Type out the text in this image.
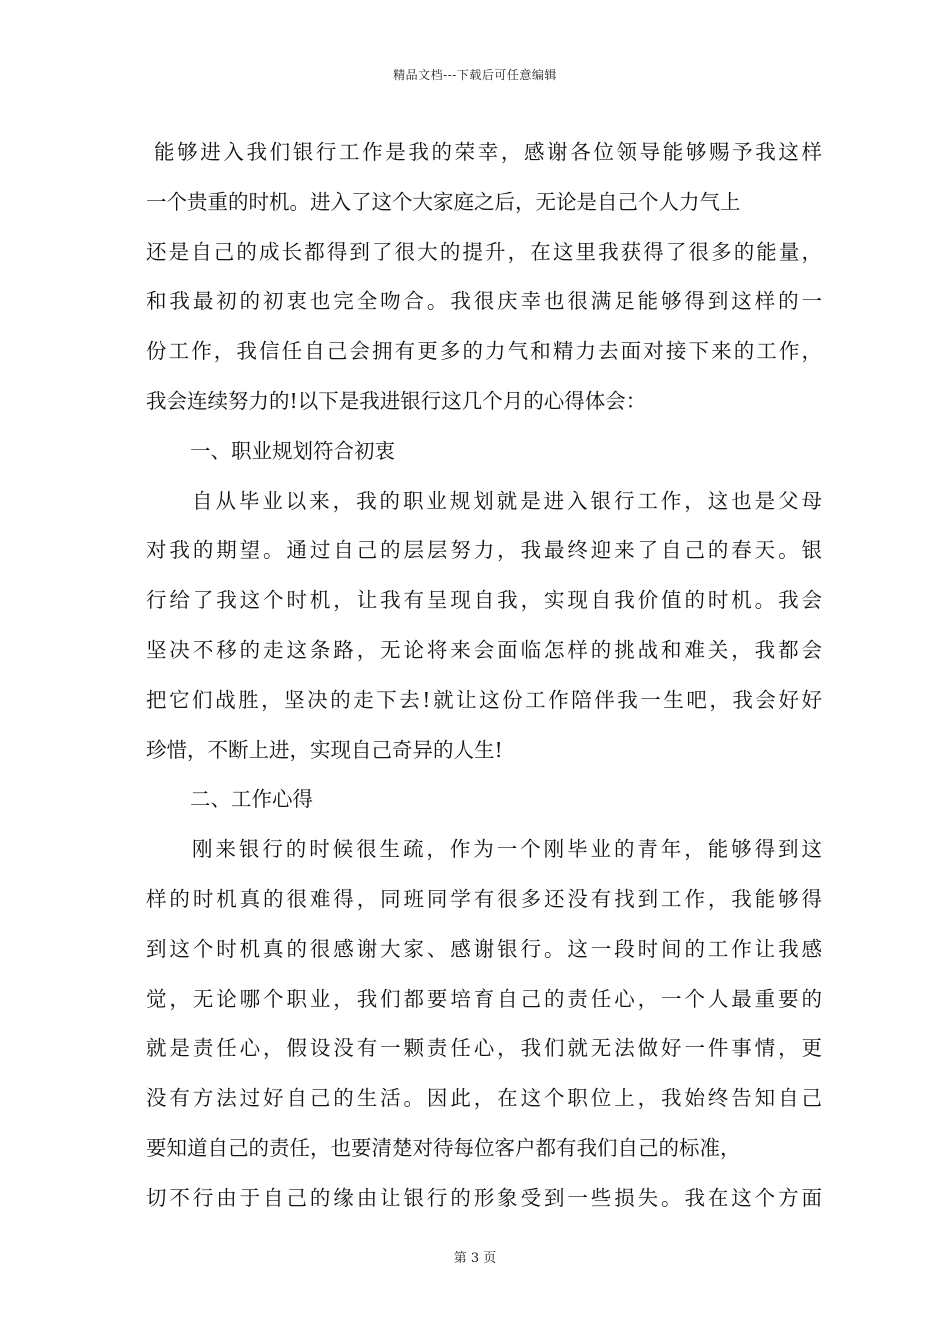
精品文档---下载后可任意编辑
能够进入我们银行工作是我的荣幸，感谢各位领导能够赐予我这样
一个贵重的时机。进入了这个大家庭之后，无论是自己个人力气上
还是自己的成长都得到了很大的提升，在这里我获得了很多的能量，
和我最初的初衷也完全吻合。我很庆幸也很满足能够得到这样的一
份工作，我信任自己会拥有更多的力气和精力去面对接下来的工作，
我会连续努力的!以下是我进银行这几个月的心得体会：
一、职业规划符合初衷
自从毕业以来，我的职业规划就是进入银行工作，这也是父母
对我的期望。通过自己的层层努力，我最终迎来了自己的春天。银
行给了我这个时机，让我有呈现自我，实现自我价值的时机。我会
坚决不移的走这条路，无论将来会面临怎样的挑战和难关，我都会
把它们战胜，坚决的走下去!就让这份工作陪伴我一生吧，我会好好
珍惜，不断上进，实现自己奇异的人生!
二、工作心得
刚来银行的时候很生疏，作为一个刚毕业的青年，能够得到这
样的时机真的很难得，同班同学有很多还没有找到工作，我能够得
到这个时机真的很感谢大家、感谢银行。这一段时间的工作让我感
觉，无论哪个职业，我们都要培育自己的责任心，一个人最重要的
就是责任心，假设没有一颗责任心，我们就无法做好一件事情，更
没有方法过好自己的生活。因此，在这个职位上，我始终告知自己
要知道自己的责任，也要清楚对待每位客户都有我们自己的标准，
切不行由于自己的缘由让银行的形象受到一些损失。我在这个方面
第 3 页
